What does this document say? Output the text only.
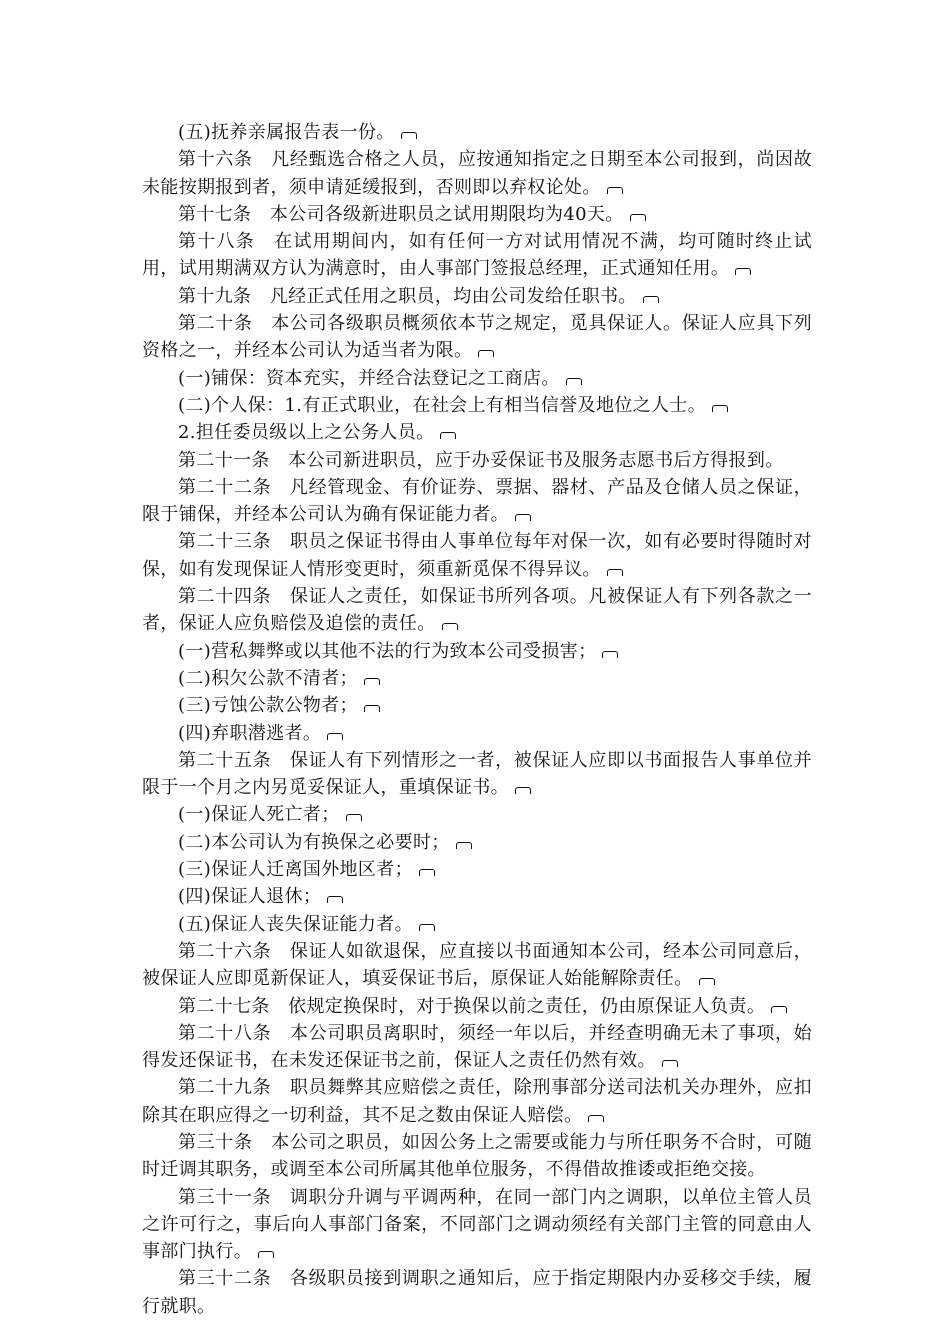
(五)抚养亲属报告表一份。

第十六条　凡经甄选合格之人员，应按通知指定之日期至本公司报到，尚因故未能按期报到者，须申请延缓报到，否则即以弃权论处。

第十七条　本公司各级新进职员之试用期限均为40天。

第十八条　在试用期间内，如有任何一方对试用情况不满，均可随时终止试用，试用期满双方认为满意时，由人事部门签报总经理，正式通知任用。

第十九条　凡经正式任用之职员，均由公司发给任职书。

第二十条　本公司各级职员概须依本节之规定，觅具保证人。保证人应具下列资格之一，并经本公司认为适当者为限。

(一)铺保：资本充实，并经合法登记之工商店。

(二)个人保：1.有正式职业，在社会上有相当信誉及地位之人士。

2.担任委员级以上之公务人员。

第二十一条　本公司新进职员，应于办妥保证书及服务志愿书后方得报到。

第二十二条　凡经管现金、有价证券、票据、器材、产品及仓储人员之保证，限于铺保，并经本公司认为确有保证能力者。

第二十三条　职员之保证书得由人事单位每年对保一次，如有必要时得随时对保，如有发现保证人情形变更时，须重新觅保不得异议。

第二十四条　保证人之责任，如保证书所列各项。凡被保证人有下列各款之一者，保证人应负赔偿及追偿的责任。

(一)营私舞弊或以其他不法的行为致本公司受损害；

(二)积欠公款不清者；

(三)亏蚀公款公物者；

(四)弃职潜逃者。

第二十五条　保证人有下列情形之一者，被保证人应即以书面报告人事单位并限于一个月之内另觅妥保证人，重填保证书。

(一)保证人死亡者；

(二)本公司认为有换保之必要时；

(三)保证人迁离国外地区者；

(四)保证人退休；

(五)保证人丧失保证能力者。

第二十六条　保证人如欲退保，应直接以书面通知本公司，经本公司同意后，被保证人应即觅新保证人，填妥保证书后，原保证人始能解除责任。

第二十七条　依规定换保时，对于换保以前之责任，仍由原保证人负责。

第二十八条　本公司职员离职时，须经一年以后，并经查明确无未了事项，始得发还保证书，在未发还保证书之前，保证人之责任仍然有效。

第二十九条　职员舞弊其应赔偿之责任，除刑事部分送司法机关办理外，应扣除其在职应得之一切利益，其不足之数由保证人赔偿。

第三十条　本公司之职员，如因公务上之需要或能力与所任职务不合时，可随时迁调其职务，或调至本公司所属其他单位服务，不得借故推诿或拒绝交接。

第三十一条　调职分升调与平调两种，在同一部门内之调职，以单位主管人员之许可行之，事后向人事部门备案，不同部门之调动须经有关部门主管的同意由人事部门执行。

第三十二条　各级职员接到调职之通知后，应于指定期限内办妥移交手续，履行就职。
